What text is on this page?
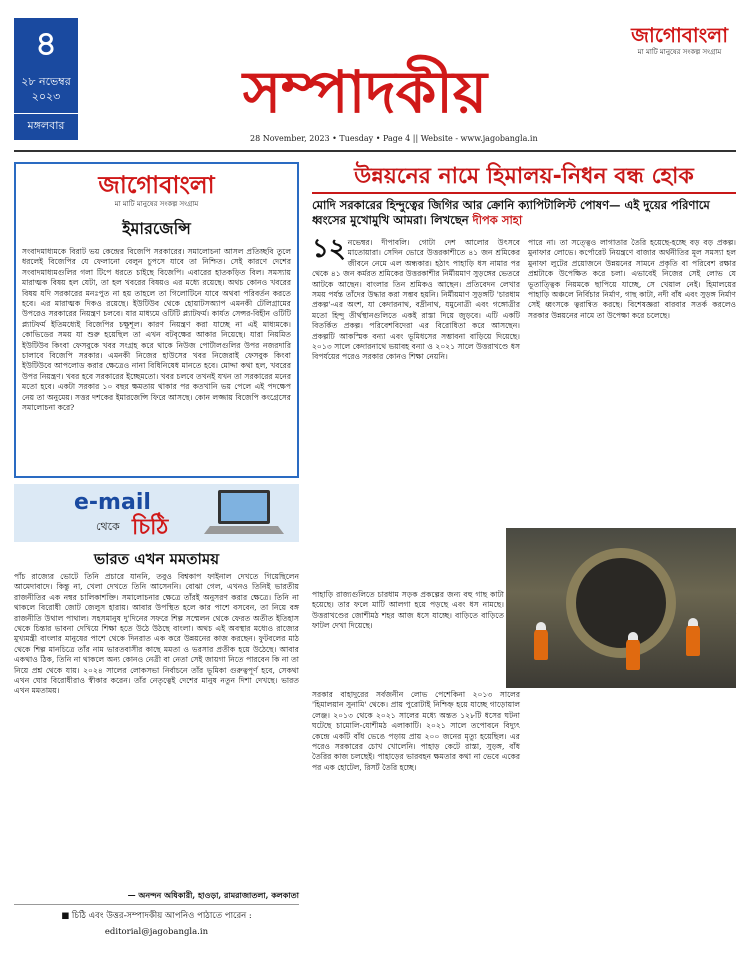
৪
২৮ নভেম্বর ২০২৩
মঙ্গলবার	সম্পাদকীয়
জাগোবাংলা
মা মাটি মানুষের সংকল্প সংগ্রাম
28 November, 2023 • Tuesday • Page 4 || Website - www.jagobangla.in
জাগোবাংলা
মা মাটি মানুষের সংকল্প সংগ্রাম
ইমারজেন্সি
সংবাদমাধ্যমকে বিরাট ভয় কেন্দ্রের বিজেপি সরকারের। সমালোচনা আসল প্রতিচ্ছবি তুলে ধরলেই বিজেপির যে ফেলানো বেলুন চুপসে যাবে তা নিশ্চিত। সেই কারণে দেশের সংবাদমাধ্যমগুলির গলা টিপে ধরতে চাইছে বিজেপি। এবারের হাতকড়িত বিল। সমস্যায় মারাত্মক বিষয় হল যেটা, তা হল খবরের বিষয়ও এর মধ্যে রয়েছে। অথচ কোনও খবরের বিষয় যদি সরকারের মনঃপুত না হয় তাহলে তা গিলোটিনে যাবে অথবা পরিবর্তন করতে হবে। এর মারাত্মক দিকও রয়েছে। ইউটিউব থেকে হোয়াটসঅ্যাপ এমনকী টেলিগ্রামের উপরেও সরকারের নিয়ন্ত্রণ চলবে। যার মাধ্যমে ওটিটি প্ল্যাটফর্ম। কার্যত সেন্সর-বিহীন ওটিটি প্ল্যাটফর্ম ইতিমধ্যেই বিজেপির চক্ষুশূল। কারণ নিয়ন্ত্রণ করা যাচ্ছে না এই মাধ্যমকে। কোভিডের সময় যা শুরু হয়েছিল তা এখন বটবৃক্ষের আকার নিয়েছে। যারা নিয়মিত ইউটিউব কিংবা ফেসবুকে খবর সংগ্রহ করে থাকে নিউজ পোর্টালগুলির উপর নজরদারি চালাবে বিজেপি সরকার। এমনকী নিজের হাউসের খবর নিজেরাই ফেসবুক কিংবা ইউটিউবে আপলোড করার ক্ষেত্রেও নানা বিধিনিষেধ মানতে হবে। মোদ্দা কথা হল, খবরের উপর নিয়ন্ত্রণ। খবর হবে সরকারের ইচ্ছেমতো। খবর চলবে তখনই যখন তা সরকারের মনের মতো হবে। একটা সরকার ১০ বছর ক্ষমতায় থাকার পর কতখানি ভয় পেলে এই পদক্ষেপ নেয় তা অনুমেয়। সত্তর দশকের ইমারজেন্সি ফিরে আসছে। কোন লজ্জায় বিজেপি কংগ্রেসের সমালোচনা করে?
e-mail
থেকে চিঠি
ভারত এখন মমতাময়
পাঁচ রাজ্যের ভোটে তিনি প্রচারে যাননি, তবুও বিশ্বকাপ ফাইনাল দেখতে গিয়েছিলেন আমেদাবাদে। কিন্তু না, খেলা দেখতে তিনি আসেননি। বোঝা গেল, এখনও তিনিই ভারতীয় রাজনীতির এক নম্বর চালিকাশক্তি। সমালোচনার ক্ষেত্রে তাঁরই অনুসরণ করার ক্ষেত্রে। তিনি না থাকলে বিরোধী জোট জেলুস হারায়। আবার উপস্থিত হলে কার পাশে বসবেন, তা নিয়ে বঙ্গ রাজনীতি উথাল পাথাল। সহসমানুষ দু'দিনের সফরে শিল্প সম্মেলন থেকে ফেরত অতীত ইতিহাস থেকে চিন্তার ভাবনা দেখিয়ে শিক্ষা হতে উঠে উঠছে বাংলা। অথচ এই অবস্থার মধ্যেও রাজ্যের মুখ্যমন্ত্রী বাংলার মানুষের পাশে থেকে দিনরাত এক করে উন্নয়নের কাজ করছেন। ফুটবলের মাঠ থেকে শিল্প মানচিত্রে তাঁর নাম ভারতবাসীর কাছে মমতা ও ভরসার প্রতীক হয়ে উঠেছে। আবার একথাও ঠিক, তিনি না থাকলে অন্য কোনও নেত্রী বা নেতা সেই জায়গা নিতে পারবেন কি না তা নিয়ে প্রশ্ন থেকে যায়। ২০২৪ সালের লোকসভা নির্বাচনে তাঁর ভূমিকা গুরুত্বপূর্ণ হবে, সেকথা এখন ঘোর বিরোধীরাও স্বীকার করেন। তাঁর নেতৃত্বেই দেশের মানুষ নতুন দিশা দেখছে। ভারত এখন মমতাময়।
— অনন্দন অধিকারী, হাওড়া, রামরাজাতলা, কলকাতা

■ চিঠি এবং উত্তর-সম্পাদকীয় আপনিও পাঠাতে পারেন :

editorial@jagobangla.in

উন্নয়নের নামে হিমালয়-নিধন বন্ধ হোক
মোদি সরকারের হিন্দুত্বের জিগির আর ক্রোনি ক্যাপিটালিস্ট পোষণ— এই দুয়ের পরিণামে ধ্বংসের মুখোমুখি আমরা। লিখছেন দীপক সাহা
১২ নভেম্বর। দীপাবলি। গোটা দেশ আলোর উৎসবে মাতোয়ারা। সেদিন ভোরে উত্তরকাশীতে ৪১ জন শ্রমিকের জীবনে নেমে এল অন্ধকার। হঠাৎ পাহাড়ি ধস নামার পর থেকে ৪১ জন কর্মরত শ্রমিকের উত্তরকাশীর নির্মীয়মাণ সুড়ঙ্গের ভেতরে আটকে আছেন। বাংলার তিন শ্রমিকও আছেন। প্রতিবেদন লেখার সময় পর্যন্ত তাঁদের উদ্ধার করা সম্ভব হয়নি। নির্মীয়মাণ সুড়ঙ্গটি 'চারধাম প্রকল্প'-এর অংশ, যা কেদারনাথ, বদ্রীনাথ, যমুনোত্রী এবং গঙ্গোত্রীর মতো হিন্দু তীর্থস্থানগুলিতে একই রাস্তা দিয়ে জুড়বে। এটি একটি বিতর্কিত প্রকল্প। পরিবেশবিদেরা এর বিরোধিতা করে আসছেন। প্রকল্পটি আকস্মিক বন্যা এবং ভূমিধসের সম্ভাবনা বাড়িয়ে দিয়েছে। ২০১৩ সালে কেদারনাথে ভয়াবহ বন্যা ও ২০২১ সালে উত্তরাখণ্ডে ধস বিপর্যয়ের পরেও সরকার কোনও শিক্ষা নেয়নি।
পারে না। তা সত্ত্বেও লাগাতার তৈরি হয়েছে-হচ্ছে বড় বড় প্রকল্প। মুনাফার লোভে। কর্পোরেট নিয়ন্ত্রণে বাজার অর্থনীতির মূল সমস্যা হল মুনাফা লুটের প্রয়োজনে উন্নয়নের সামনে প্রকৃতি বা পরিবেশ রক্ষার প্রশ্নটাকে উপেক্ষিত করে চলা। এভাবেই নিজের সেই লোভ যে ভূতাত্ত্বিক নিয়মকে ছাপিয়ে যাচ্ছে, সে খেয়াল নেই। হিমালয়ের পাহাড়ি অঞ্চলে নির্বিচার নির্মাণ, গাছ কাটা, নদী বাঁধ এবং সুড়ঙ্গ নির্মাণ সেই ধ্বংসকে ত্বরান্বিত করছে। বিশেষজ্ঞরা বারবার সতর্ক করলেও সরকার উন্নয়নের নামে তা উপেক্ষা করে চলেছে।
পাহাড়ি রাজ্যগুলিতে চারধাম সড়ক প্রকল্পের জন্য বহু গাছ কাটা হয়েছে। তার ফলে মাটি আলগা হয়ে পড়ছে এবং ধস নামছে। উত্তরাখণ্ডের জোশীমঠ শহর আজ ধসে যাচ্ছে। বাড়িতে বাড়িতে ফাটল দেখা দিয়েছে।
সরকার বাহাদুরের সর্বজনীন লোভ পেশেকিনা ২০১৩ সালের 'হিমালয়ান সুনামি' থেকে। প্রায় পুরোটাই নিশ্চিহ্ন হয়ে যাচ্ছে গাড়োয়াল লেঞ্জ। ২০১৩ থেকে ২০২১ সালের মধ্যে অন্তত ১২৮টি ধসের ঘটনা ঘটেছে চামোলি-যোশীমঠ এলাকাটি। ২০২১ সালে তপোবনে বিদ্যুৎ কেন্দ্রে একটি বাঁধ ভেঙে পড়ায় প্রায় ২০০ জনের মৃত্যু হয়েছিল। এর পরেও সরকারের চোখ খোলেনি। পাহাড় কেটে রাস্তা, সুড়ঙ্গ, বাঁধ তৈরির কাজ চলছেই। পাহাড়ের ভারবহন ক্ষমতার কথা না ভেবে একের পর এক হোটেল, রিসর্ট তৈরি হচ্ছে।
